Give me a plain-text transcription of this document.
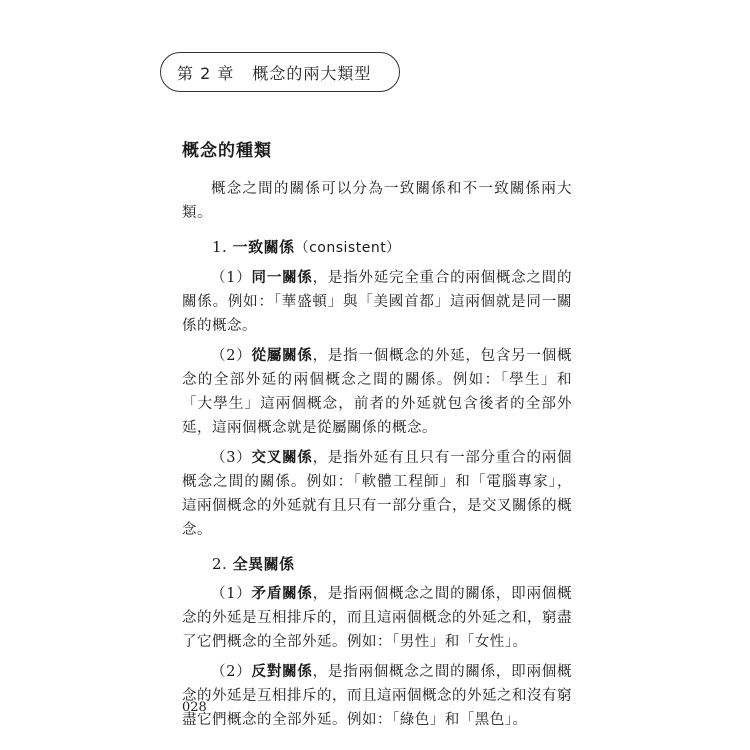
第 2 章 概念的兩大類型
概念的種類

概念之間的關係可以分為一致關係和不一致關係兩大類。

1. 一致關係（consistent）

（1）同一關係，是指外延完全重合的兩個概念之間的關係。例如：「華盛頓」與「美國首都」這兩個就是同一關係的概念。

（2）從屬關係，是指一個概念的外延，包含另一個概念的全部外延的兩個概念之間的關係。例如：「學生」和「大學生」這兩個概念，前者的外延就包含後者的全部外延，這兩個概念就是從屬關係的概念。

（3）交叉關係，是指外延有且只有一部分重合的兩個概念之間的關係。例如：「軟體工程師」和「電腦專家」，這兩個概念的外延就有且只有一部分重合，是交叉關係的概念。

2. 全異關係

（1）矛盾關係，是指兩個概念之間的關係，即兩個概念的外延是互相排斥的，而且這兩個概念的外延之和，窮盡了它們概念的全部外延。例如：「男性」和「女性」。

（2）反對關係，是指兩個概念之間的關係，即兩個概念的外延是互相排斥的，而且這兩個概念的外延之和沒有窮盡它們概念的全部外延。例如：「綠色」和「黑色」。

028
